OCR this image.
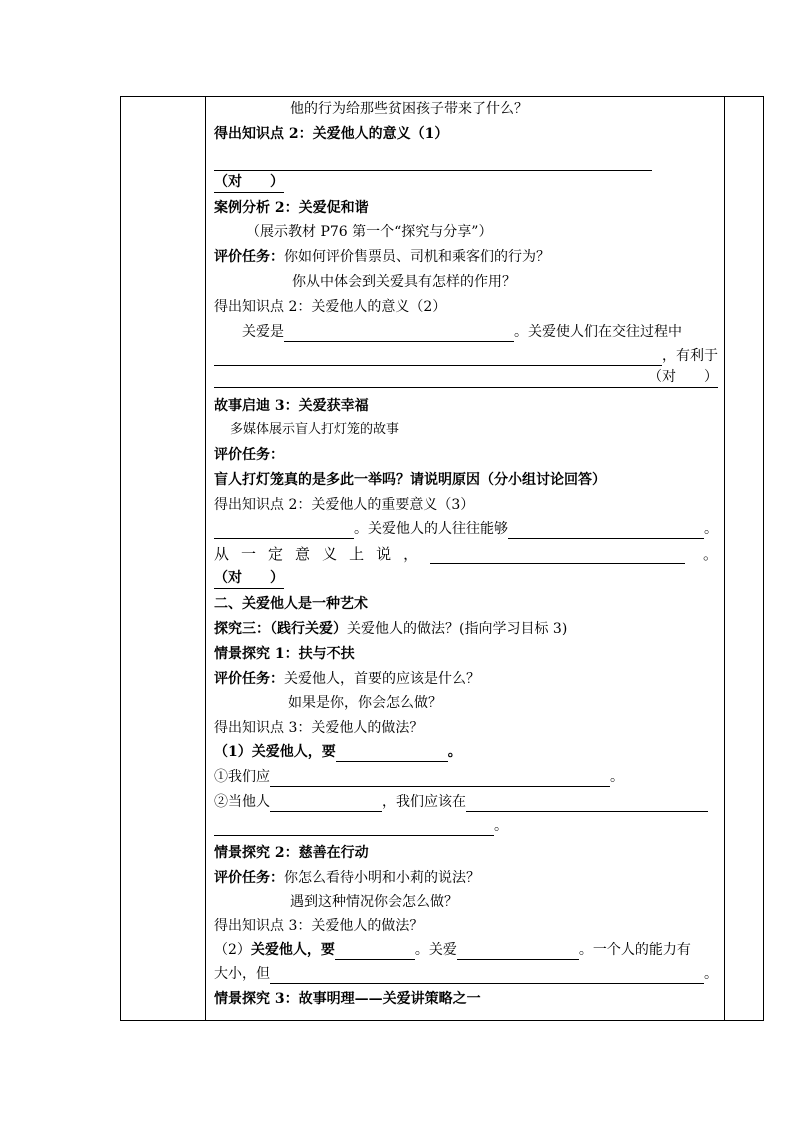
他的行为给那些贫困孩子带来了什么？
得出知识点 2：关爱他人的意义（1）
（对　　）
案例分析 2：关爱促和谐
（展示教材 P76 第一个“探究与分享”）
评价任务： 你如何评价售票员、司机和乘客们的行为？
你从中体会到关爱具有怎样的作用？
得出知识点 2：关爱他人的意义（2）
关爱是	。关爱使人们在交往过程中
，有利于
（对　　）
故事启迪 3：关爱获幸福
多媒体展示盲人打灯笼的故事
评价任务：
盲人打灯笼真的是多此一举吗？请说明原因（分小组讨论回答）
得出知识点 2：关爱他人的重要意义（3）
。关爱他人的人往往能够	。
从 一 定 意 义 上 说 ，	。
（对　　）
二、关爱他人是一种艺术
探究三：（践行关爱） 关爱他人的做法？(指向学习目标 3)
情景探究 1：扶与不扶
评价任务： 关爱他人，首要的应该是什么？
如果是你，你会怎么做？
得出知识点 3：关爱他人的做法？
（1）关爱他人，要	。
①我们应	。
②当他人	，我们应该在
。
情景探究 2：慈善在行动
评价任务： 你怎么看待小明和小莉的说法？
遇到这种情况你会怎么做？
得出知识点 3：关爱他人的做法？
（2） 关爱他人，要	。关爱	。一个人的能力有
大小，但	。
情景探究 3：故事明理——关爱讲策略之一
